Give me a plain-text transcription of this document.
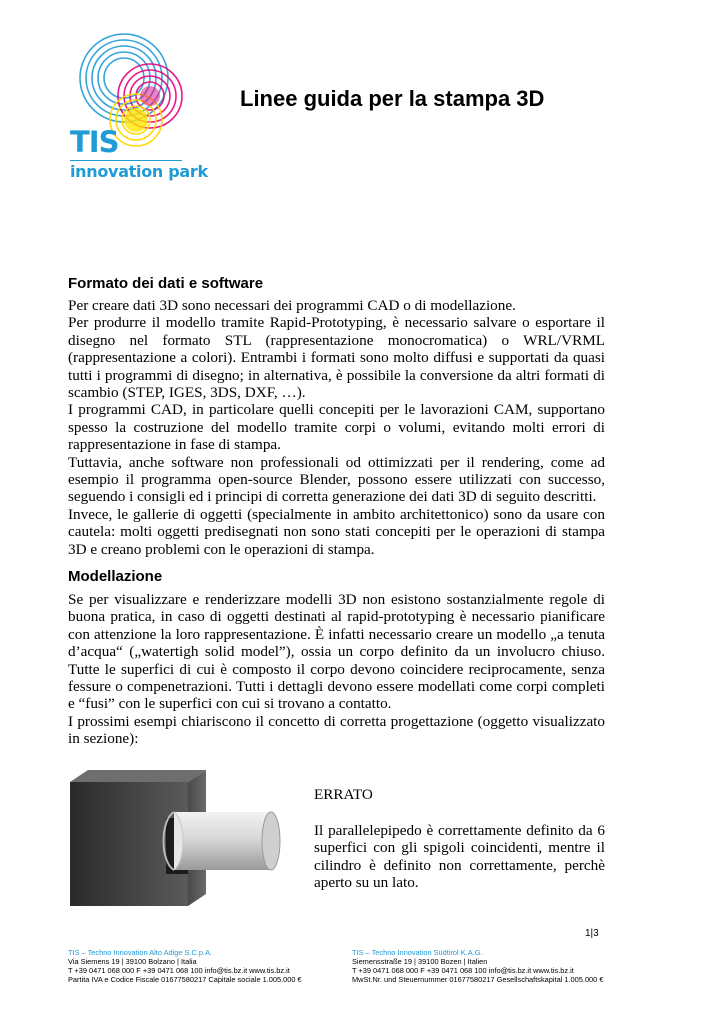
TIS
innovation park
Linee guida per la stampa 3D
Formato dei dati e software

Per creare dati 3D sono necessari dei programmi CAD o di modellazione.

Per produrre il modello tramite Rapid-Prototyping, è necessario salvare o esportare il disegno nel formato STL (rappresentazione monocromatica) o WRL/VRML (rappresentazione a colori). Entrambi i formati sono molto diffusi e supportati da quasi tutti i programmi di disegno; in alternativa, è possibile la conversione da altri formati di scambio (STEP, IGES, 3DS, DXF, …).

I programmi CAD, in particolare quelli concepiti per le lavorazioni CAM, supportano spesso la costruzione del modello tramite corpi o volumi, evitando molti errori di rappresentazione in fase di stampa.

Tuttavia, anche software non professionali od ottimizzati per il rendering, come ad esempio il programma open-source Blender, possono essere utilizzati con successo, seguendo i consigli ed i principi di corretta generazione dei dati 3D di seguito descritti.

Invece, le gallerie di oggetti (specialmente in ambito architettonico) sono da usare con cautela: molti oggetti predisegnati non sono stati concepiti per le operazioni di stampa 3D e creano problemi con le operazioni di stampa.

Modellazione

Se per visualizzare e renderizzare modelli 3D non esistono sostanzialmente regole di buona pratica, in caso di oggetti destinati al rapid-prototyping è necessario pianificare con attenzione la loro rappresentazione. È infatti necessario creare un modello „a tenuta d’acqua“ („watertigh solid model”), ossia un corpo definito da un involucro chiuso. Tutte le superfici di cui è composto il corpo devono coincidere reciprocamente, senza fessure o compenetrazioni. Tutti i dettagli devono essere modellati come corpi completi e “fusi” con le superfici con cui si trovano a contatto.

I prossimi esempi chiariscono il concetto di corretta progettazione (oggetto visualizzato in sezione):

ERRATO
Il parallelepipedo è correttamente definito da 6 superfici con gli spigoli coincidenti, mentre il cilindro è definito non correttamente, perchè aperto su un lato.
1|3
TIS – Techno Innovation Alto Adige S.C.p.A.
Via Siemens 19 | 39100 Bolzano | Italia
T +39 0471 068 000 F +39 0471 068 100 info@tis.bz.it www.tis.bz.it
Partita IVA e Codice Fiscale 01677580217 Capitale sociale 1.005.000 €
TIS – Techno Innovation Südtirol K.A.G.
Siemensstraße 19 | 39100 Bozen | Italien
T +39 0471 068 000 F +39 0471 068 100 info@tis.bz.it www.tis.bz.it
MwSt.Nr. und Steuernummer 01677580217 Gesellschaftskapital 1.005.000 €
